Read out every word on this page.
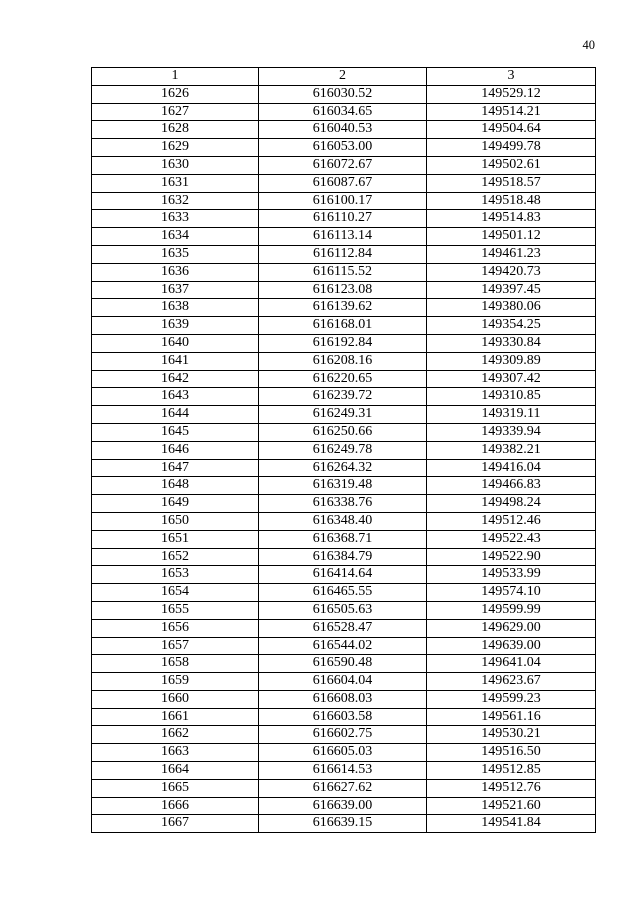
40
1	2	3
1626	616030.52	149529.12
1627	616034.65	149514.21
1628	616040.53	149504.64
1629	616053.00	149499.78
1630	616072.67	149502.61
1631	616087.67	149518.57
1632	616100.17	149518.48
1633	616110.27	149514.83
1634	616113.14	149501.12
1635	616112.84	149461.23
1636	616115.52	149420.73
1637	616123.08	149397.45
1638	616139.62	149380.06
1639	616168.01	149354.25
1640	616192.84	149330.84
1641	616208.16	149309.89
1642	616220.65	149307.42
1643	616239.72	149310.85
1644	616249.31	149319.11
1645	616250.66	149339.94
1646	616249.78	149382.21
1647	616264.32	149416.04
1648	616319.48	149466.83
1649	616338.76	149498.24
1650	616348.40	149512.46
1651	616368.71	149522.43
1652	616384.79	149522.90
1653	616414.64	149533.99
1654	616465.55	149574.10
1655	616505.63	149599.99
1656	616528.47	149629.00
1657	616544.02	149639.00
1658	616590.48	149641.04
1659	616604.04	149623.67
1660	616608.03	149599.23
1661	616603.58	149561.16
1662	616602.75	149530.21
1663	616605.03	149516.50
1664	616614.53	149512.85
1665	616627.62	149512.76
1666	616639.00	149521.60
1667	616639.15	149541.84
